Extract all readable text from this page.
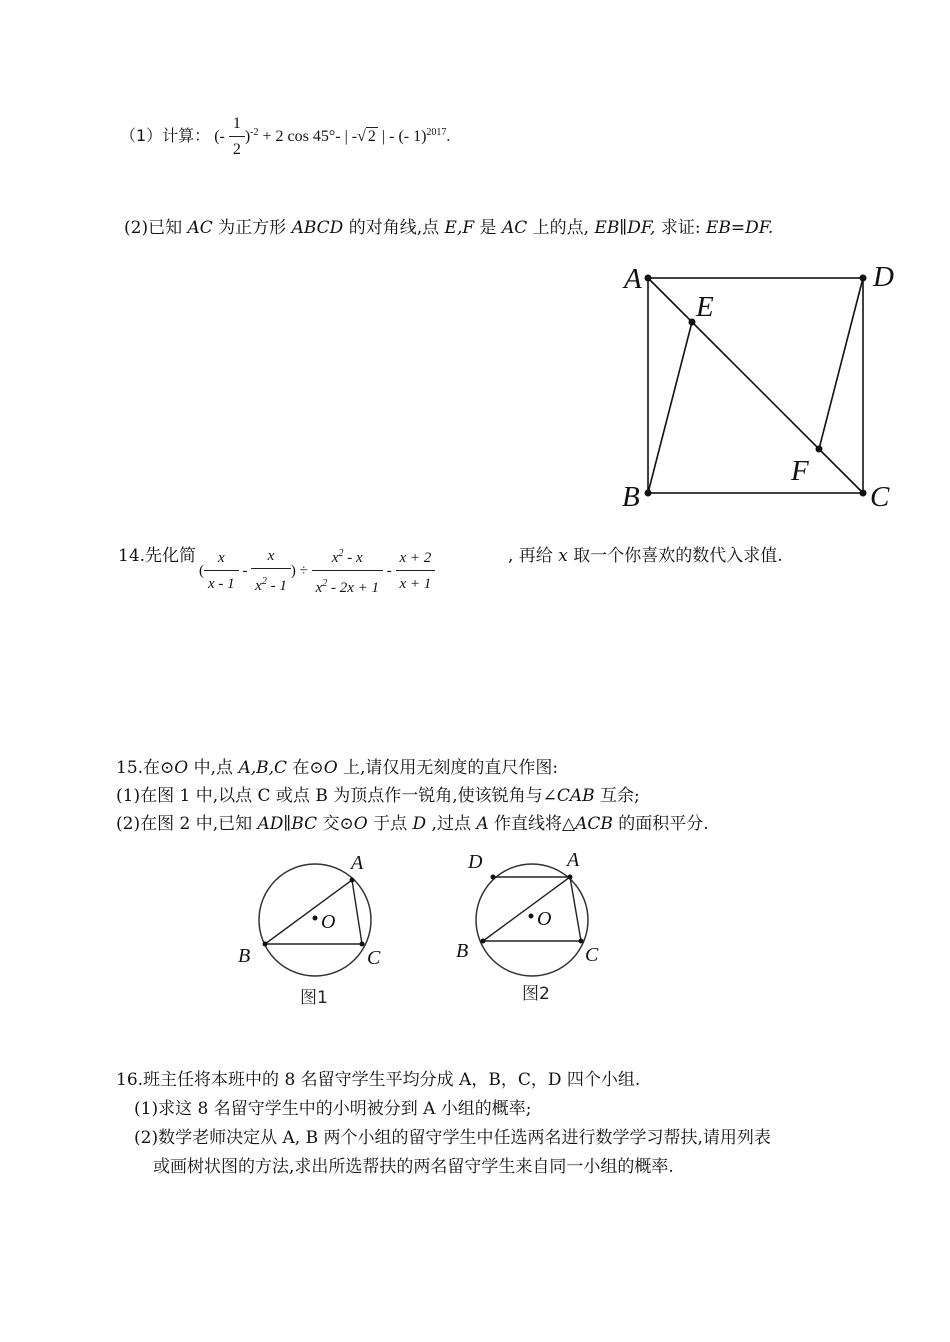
（1）计算： (- $\frac{1}{2} )^{-2} + 2$ cos 45°- | -√ 2 | - (- 1)$^{2017}$.
(2)已知 AC 为正方形 ABCD 的对角线,点 E,F 是 AC 上的点, EB∥DF, 求证: EB=DF.
A	D
B	C
E
F
14.先化简
( $\frac{x}{x - 1} - \frac{x}{x^2 - 1}$ ) ÷ $\frac{x^2 - x}{x^2 - 2x + 1} - \frac{x + 2}{x + 1}$	, 再给 x 取一个你喜欢的数代入求值.
15.在⊙O 中,点 A,B,C 在⊙O 上,请仅用无刻度的直尺作图:
(1)在图 1 中,以点 C 或点 B 为顶点作一锐角,使该锐角与∠CAB 互余;
(2)在图 2 中,已知 AD∥BC 交⊙O 于点 D ,过点 A 作直线将△ACB 的面积平分.
A
B	C
O
图1
D	A
B	C
O
图2
16.班主任将本班中的 8 名留守学生平均分成 A，B，C，D 四个小组.
(1)求这 8 名留守学生中的小明被分到 A 小组的概率;
(2)数学老师决定从 A, B 两个小组的留守学生中任选两名进行数学学习帮扶,请用列表
或画树状图的方法,求出所选帮扶的两名留守学生来自同一小组的概率.
